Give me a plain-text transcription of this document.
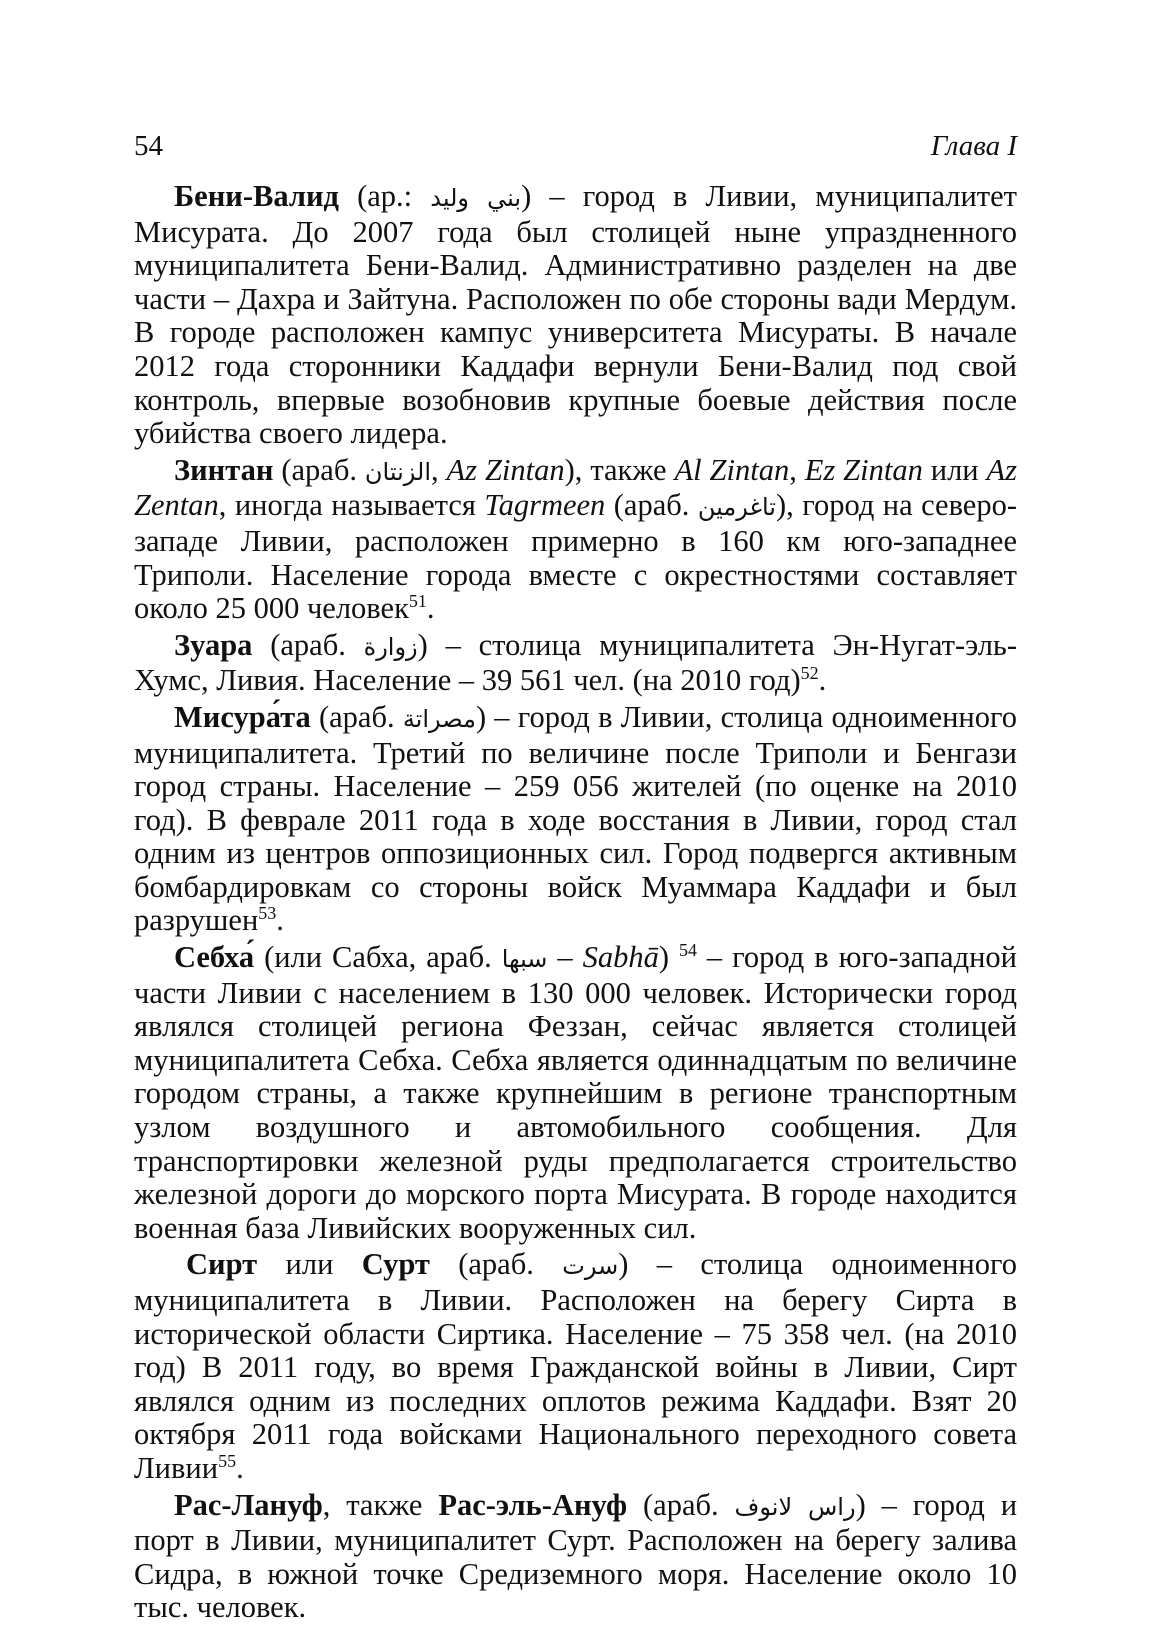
54	Глава I

Бени-Валид (ар.: بني وليد) – город в Ливии, муниципалитет Мисурата. До 2007 года был столицей ныне упраздненного муниципалитета Бени-Валид. Административно разделен на две части – Дахра и Зайтуна. Расположен по обе стороны вади Мердум. В городе расположен кампус университета Мисураты. В начале 2012 года сторонники Каддафи вернули Бени-Валид под свой контроль, впервые возобновив крупные боевые действия после убийства своего лидера.

Зинтан (араб. الزنتان, Az Zintan), также Al Zintan, Ez Zintan или Az Zentan, иногда называется Tagrmeen (араб. تاغرمين), город на северо-западе Ливии, расположен примерно в 160 км юго-западнее Триполи. Население города вместе с окрестностями составляет около 25 000 человек$^{51}$.

Зуара (араб. زوارة) – столица муниципалитета Эн-Нугат-эль-Хумс, Ливия. Население – 39 561 чел. (на 2010 год)$^{52}$.

Мисура́та (араб. مصراتة) – город в Ливии, столица одноименного муниципалитета. Третий по величине после Триполи и Бенгази город страны. Население – 259 056 жителей (по оценке на 2010 год). В феврале 2011 года в ходе восстания в Ливии, город стал одним из центров оппозиционных сил. Город подвергся активным бомбардировкам со стороны войск Муаммара Каддафи и был разрушен$^{53}$.

Себха́ (или Сабха, араб. سبها – Sabhā) $^{54}$ – город в юго-западной части Ливии с населением в 130 000 человек. Исторически город являлся столицей региона Феззан, сейчас является столицей муниципалитета Себха. Себха является одиннадцатым по величине городом страны, а также крупнейшим в регионе транспортным узлом воздушного и автомобильного сообщения. Для транспортировки железной руды предполагается строительство железной дороги до морского порта Мисурата. В городе находится военная база Ливийских вооруженных сил.

Сирт или Сурт (араб. سرت) – столица одноименного муниципалитета в Ливии. Расположен на берегу Сирта в исторической области Сиртика. Население – 75 358 чел. (на 2010 год) В 2011 году, во время Гражданской войны в Ливии, Сирт являлся одним из последних оплотов режима Каддафи. Взят 20 октября 2011 года войсками Национального переходного совета Ливии$^{55}$.

Рас-Лануф, также Рас-эль-Ануф (араб. راس لانوف) – город и порт в Ливии, муниципалитет Сурт. Расположен на берегу залива Сидра, в южной точке Средиземного моря. Население около 10 тыс. человек.
